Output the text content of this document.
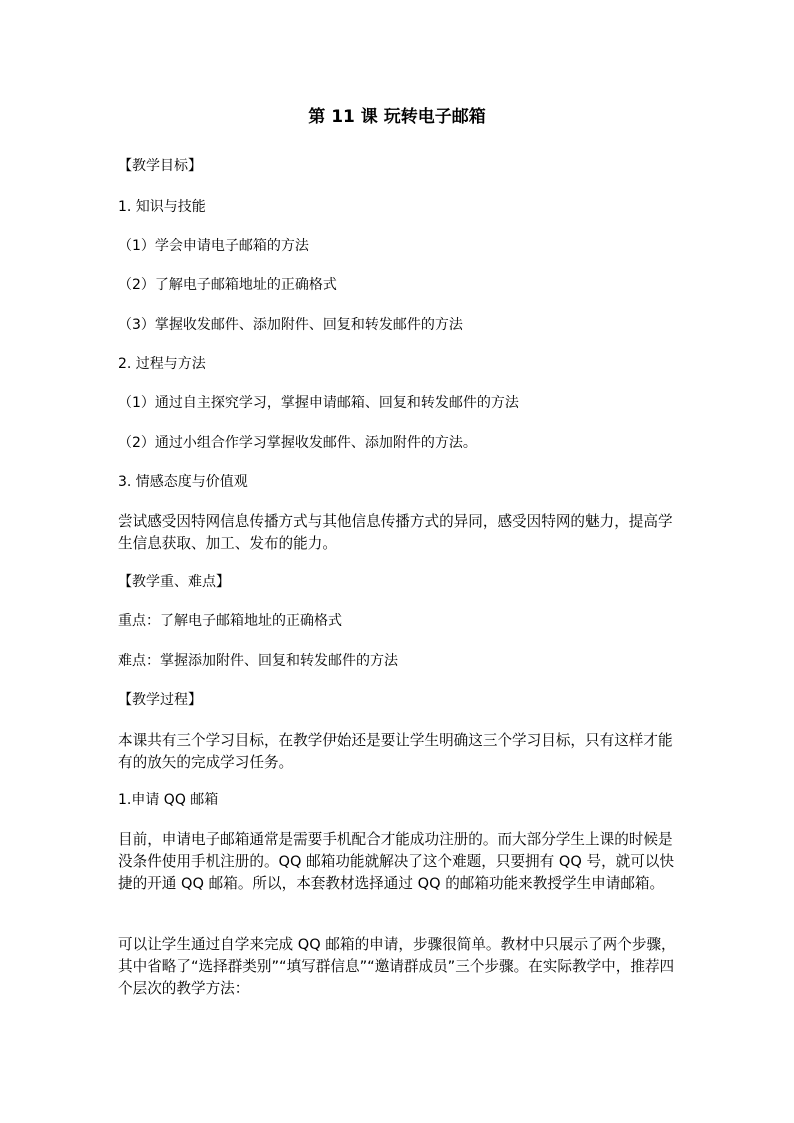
第 11 课 玩转电子邮箱
【教学目标】
1. 知识与技能
（1）学会申请电子邮箱的方法
（2）了解电子邮箱地址的正确格式
（3）掌握收发邮件、添加附件、回复和转发邮件的方法
2. 过程与方法
（1）通过自主探究学习，掌握申请邮箱、回复和转发邮件的方法
（2）通过小组合作学习掌握收发邮件、添加附件的方法。
3. 情感态度与价值观
尝试感受因特网信息传播方式与其他信息传播方式的异同，感受因特网的魅力，提高学生信息获取、加工、发布的能力。
【教学重、难点】
重点：了解电子邮箱地址的正确格式
难点：掌握添加附件、回复和转发邮件的方法
【教学过程】
本课共有三个学习目标，在教学伊始还是要让学生明确这三个学习目标，只有这样才能有的放矢的完成学习任务。
1.申请 QQ 邮箱
目前，申请电子邮箱通常是需要手机配合才能成功注册的。而大部分学生上课的时候是没条件使用手机注册的。QQ 邮箱功能就解决了这个难题，只要拥有 QQ 号，就可以快捷的开通 QQ 邮箱。所以，本套教材选择通过 QQ 的邮箱功能来教授学生申请邮箱。
可以让学生通过自学来完成 QQ 邮箱的申请，步骤很简单。教材中只展示了两个步骤，其中省略了“选择群类别”“填写群信息”“邀请群成员”三个步骤。在实际教学中，推荐四个层次的教学方法：
